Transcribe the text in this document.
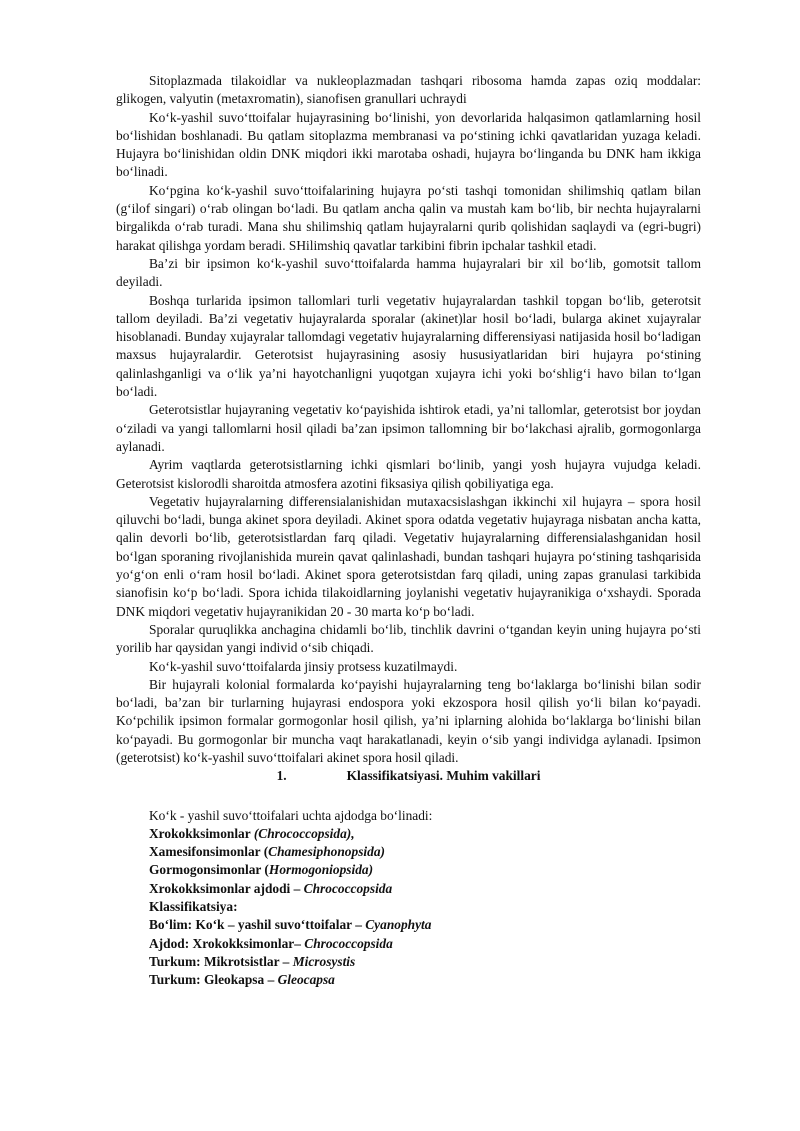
Sitoplazmada tilakoidlar va nukleoplazmadan tashqari ribosoma hamda zapas oziq moddalar: glikogen, valyutin (metaxromatin), sianofisen granullari uchraydi

Ko‘k-yashil suvo‘ttoifalar hujayrasining bo‘linishi, yon devorlarida halqasimon qatlamlarning hosil bo‘lishidan boshlanadi. Bu qatlam sitoplazma membranasi va po‘stining ichki qavatlaridan yuzaga keladi. Hujayra bo‘linishidan oldin DNK miqdori ikki marotaba oshadi, hujayra bo‘linganda bu DNK ham ikkiga bo‘linadi.

Ko‘pgina ko‘k-yashil suvo‘ttoifalarining hujayra po‘sti tashqi tomonidan shilimshiq qatlam bilan (g‘ilof singari) o‘rab olingan bo‘ladi. Bu qatlam ancha qalin va mustah kam bo‘lib, bir nechta hujayralarni birgalikda o‘rab turadi. Mana shu shilimshiq qatlam hujayralarni qurib qolishidan saqlaydi va (egri-bugri) harakat qilishga yordam beradi. SHilimshiq qavatlar tarkibini fibrin ipchalar tashkil etadi.

Ba’zi bir ipsimon ko‘k-yashil suvo‘ttoifalarda hamma hujayralari bir xil bo‘lib, gomotsit tallom deyiladi.

Boshqa turlarida ipsimon tallomlari turli vegetativ hujayralardan tashkil topgan bo‘lib, geterotsit tallom deyiladi. Ba’zi vegetativ hujayralarda sporalar (akinet)lar hosil bo‘ladi, bularga akinet xujayralar hisoblanadi. Bunday xujayralar tallomdagi vegetativ hujayralarning differensiyasi natijasida hosil bo‘ladigan maxsus hujayralardir. Geterotsist hujayrasining asosiy hususiyatlaridan biri hujayra po‘stining qalinlashganligi va o‘lik ya’ni hayotchanligni yuqotgan xujayra ichi yoki bo‘shlig‘i havo bilan to‘lgan bo‘ladi.

Geterotsistlar hujayraning vegetativ ko‘payishida ishtirok etadi, ya’ni tallomlar, geterotsist bor joydan o‘ziladi va yangi tallomlarni hosil qiladi ba’zan ipsimon tallomning bir bo‘lakchasi ajralib, gormogonlarga aylanadi.

Ayrim vaqtlarda geterotsistlarning ichki qismlari bo‘linib, yangi yosh hujayra vujudga keladi. Geterotsist kislorodli sharoitda atmosfera azotini fiksasiya qilish qobiliyatiga ega.

Vegetativ hujayralarning differensialanishidan mutaxacsislashgan ikkinchi xil hujayra – spora hosil qiluvchi bo‘ladi, bunga akinet spora deyiladi. Akinet spora odatda vegetativ hujayraga nisbatan ancha katta, qalin devorli bo‘lib, geterotsistlardan farq qiladi. Vegetativ hujayralarning differensialashganidan hosil bo‘lgan sporaning rivojlanishida murein qavat qalinlashadi, bundan tashqari hujayra po‘stining tashqarisida yo‘g‘on enli o‘ram hosil bo‘ladi. Akinet spora geterotsistdan farq qiladi, uning zapas granulasi tarkibida sianofisin ko‘p bo‘ladi. Spora ichida tilakoidlarning joylanishi vegetativ hujayranikiga o‘xshaydi. Sporada DNK miqdori vegetativ hujayranikidan 20 - 30 marta ko‘p bo‘ladi.

Sporalar quruqlikka anchagina chidamli bo‘lib, tinchlik davrini o‘tgandan keyin uning hujayra po‘sti yorilib har qaysidan yangi individ o‘sib chiqadi.

Ko‘k-yashil suvo‘ttoifalarda jinsiy protsess kuzatilmaydi.

Bir hujayrali kolonial formalarda ko‘payishi hujayralarning teng bo‘laklarga bo‘linishi bilan sodir bo‘ladi, ba’zan bir turlarning hujayrasi endospora yoki ekzospora hosil qilish yo‘li bilan ko‘payadi. Ko‘pchilik ipsimon formalar gormogonlar hosil qilish, ya’ni iplarning alohida bo‘laklarga bo‘linishi bilan ko‘payadi. Bu gormogonlar bir muncha vaqt harakatlanadi, keyin o‘sib yangi individga aylanadi. Ipsimon (geterotsist) ko‘k-yashil suvo‘ttoifalari akinet spora hosil qiladi.

1.	Klassifikatsiyasi. Muhim vakillari

Ko‘k - yashil suvo‘ttoifalari uchta ajdodga bo‘linadi:

Xrokokksimonlar (Chrococcopsida),

Xamesifonsimonlar (Chamesiphonopsida)

Gormogonsimonlar (Hormogoniopsida)

Xrokokksimonlar ajdodi – Chrococcopsida

Klassifikatsiya:

Bo‘lim: Ko‘k – yashil suvo‘ttoifalar – Cyanophyta

Ajdod: Xrokokksimonlar– Chrococcopsida

Turkum: Mikrotsistlar – Microsystis

Turkum: Gleokapsa – Gleocapsa
